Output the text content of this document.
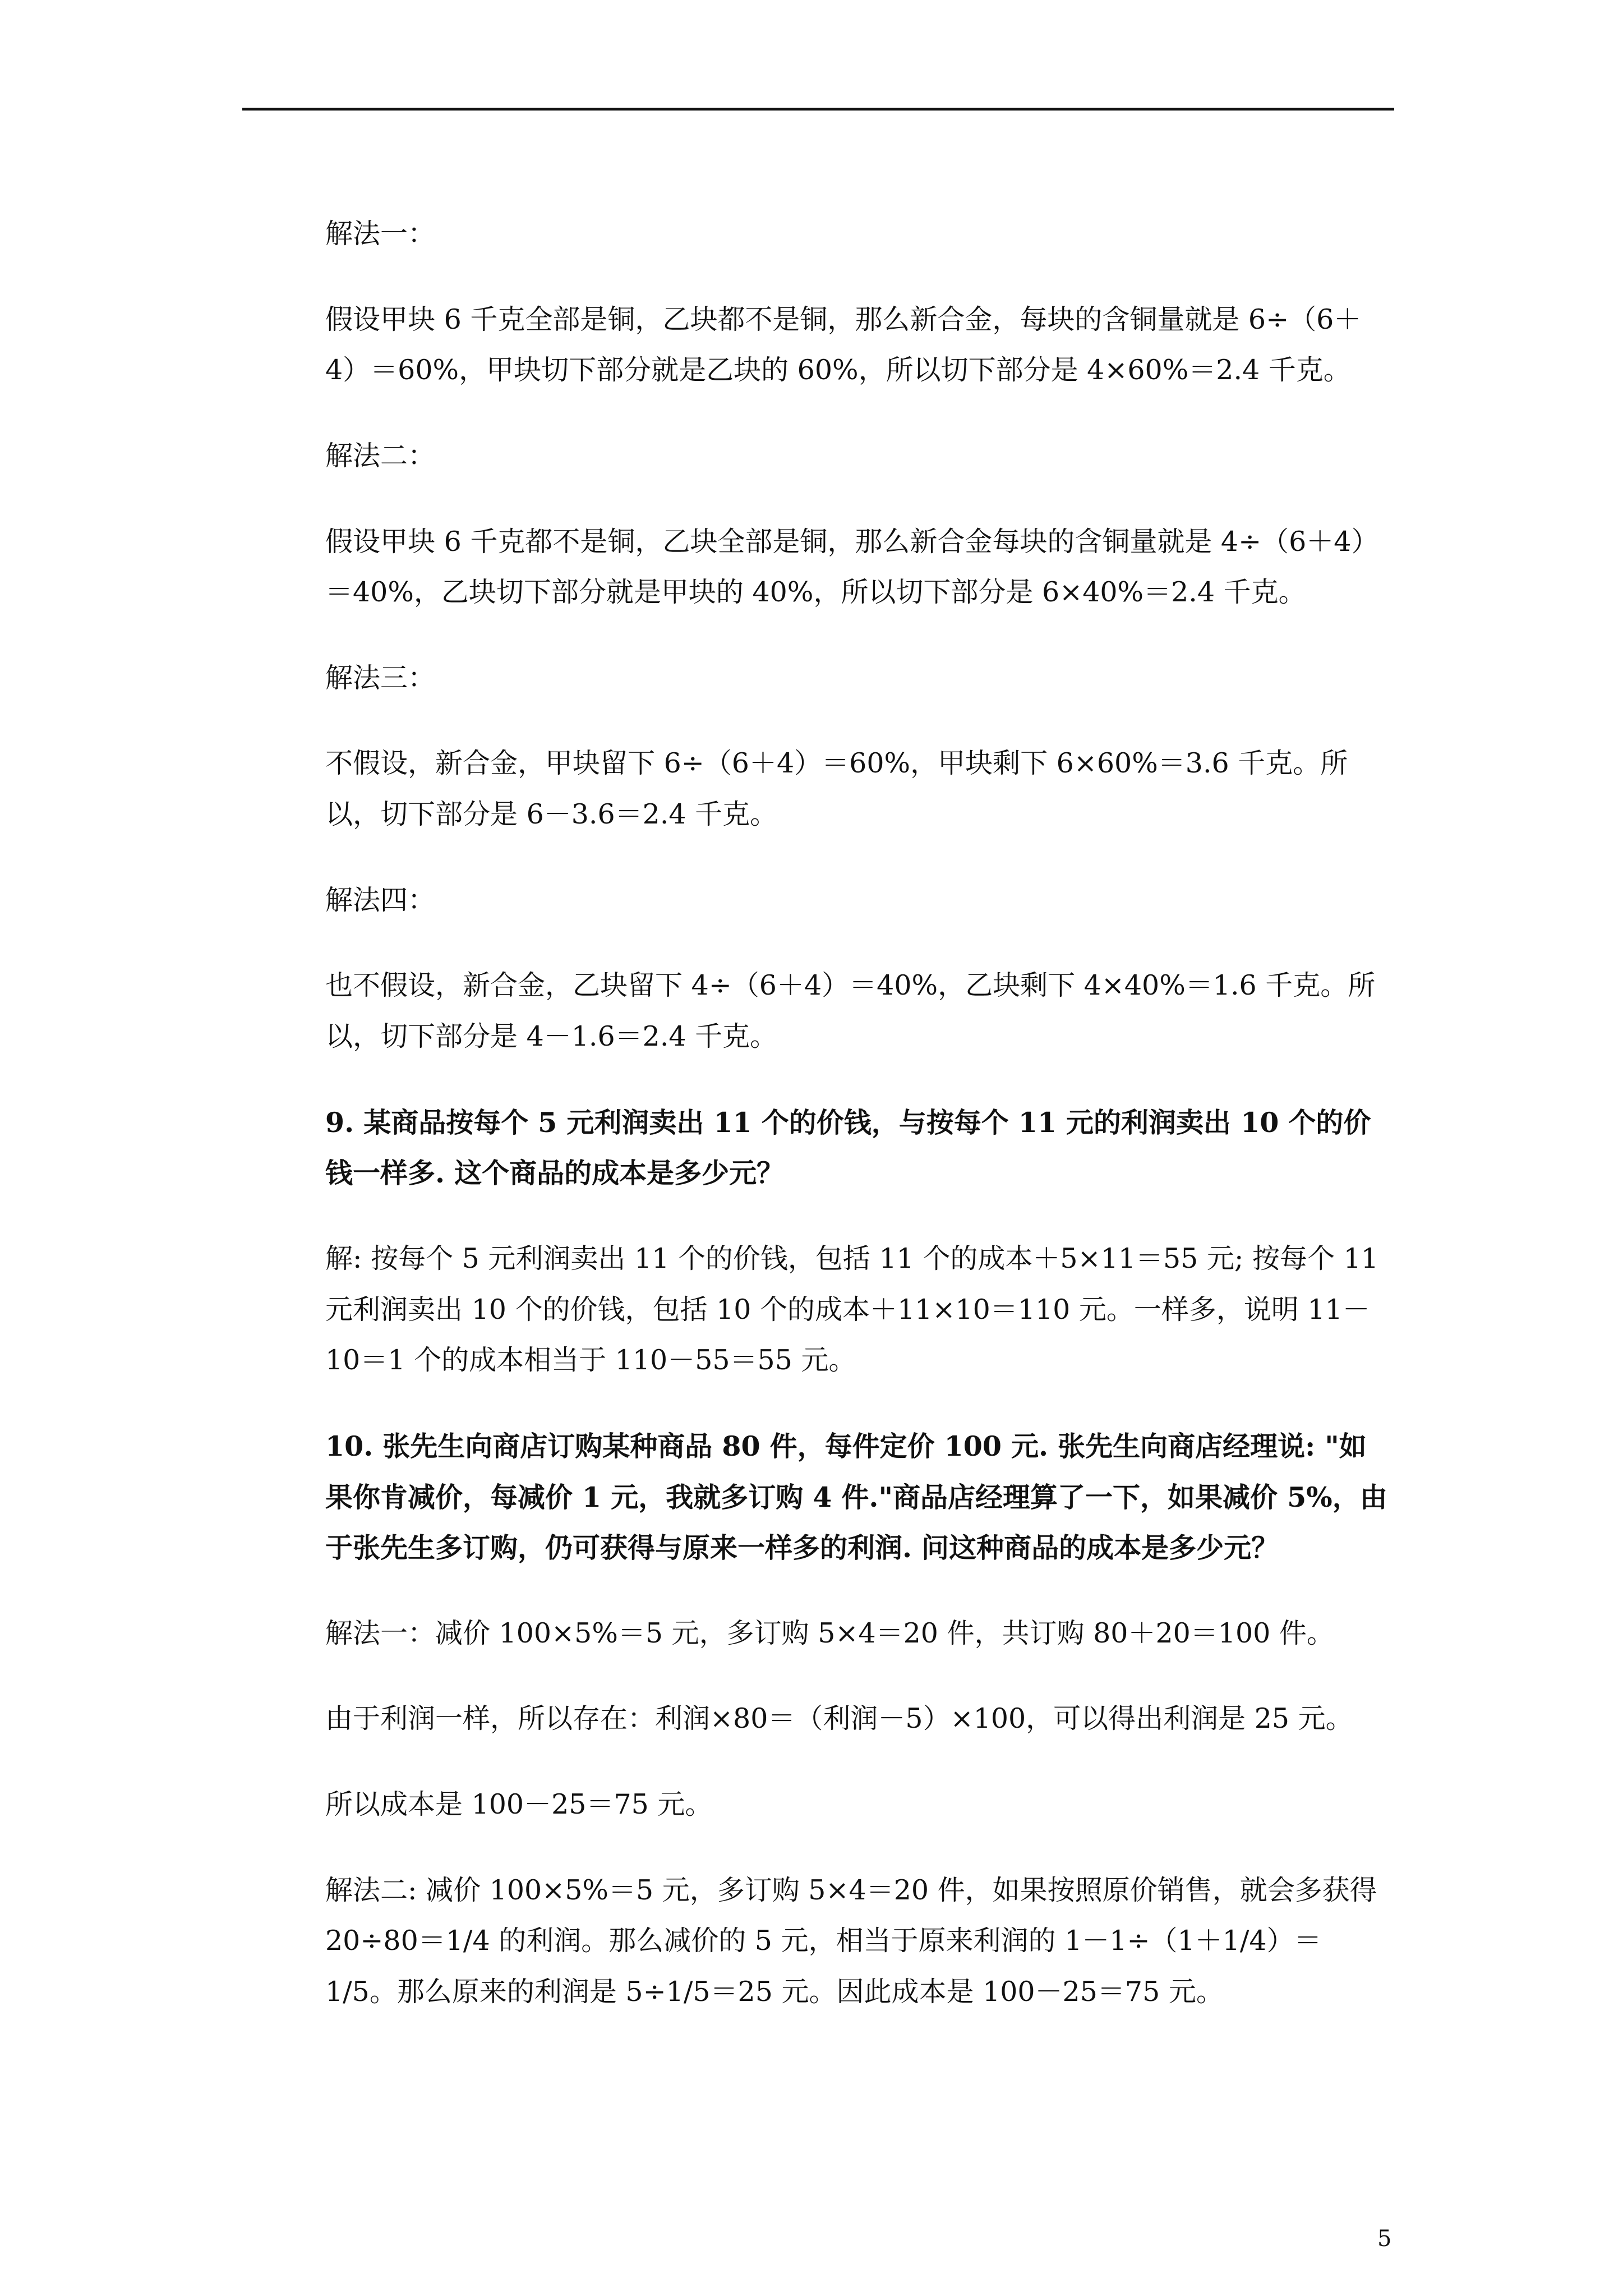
解法一：

假设甲块 6 千克全部是铜，乙块都不是铜，那么新合金，每块的含铜量就是 6÷（6＋4）＝60%，甲块切下部分就是乙块的 60%，所以切下部分是 4×60%＝2.4 千克。

解法二：

假设甲块 6 千克都不是铜，乙块全部是铜，那么新合金每块的含铜量就是 4÷（6＋4）＝40%，乙块切下部分就是甲块的 40%，所以切下部分是 6×40%＝2.4 千克。

解法三：

不假设，新合金，甲块留下 6÷（6＋4）＝60%，甲块剩下 6×60%＝3.6 千克。所以，切下部分是 6－3.6＝2.4 千克。

解法四：

也不假设，新合金，乙块留下 4÷（6＋4）＝40%，乙块剩下 4×40%＝1.6 千克。所以，切下部分是 4－1.6＝2.4 千克。

9. 某商品按每个 5 元利润卖出 11 个的价钱，与按每个 11 元的利润卖出 10 个的价钱一样多. 这个商品的成本是多少元？

解: 按每个 5 元利润卖出 11 个的价钱，包括 11 个的成本＋5×11＝55 元; 按每个 11 元利润卖出 10 个的价钱，包括 10 个的成本＋11×10＝110 元。一样多，说明 11－10＝1 个的成本相当于 110－55＝55 元。

10. 张先生向商店订购某种商品 80 件，每件定价 100 元. 张先生向商店经理说: "如果你肯减价，每减价 1 元，我就多订购 4 件."商品店经理算了一下，如果减价 5%，由于张先生多订购，仍可获得与原来一样多的利润. 问这种商品的成本是多少元？

解法一：减价 100×5%＝5 元，多订购 5×4＝20 件，共订购 80＋20＝100 件。

由于利润一样，所以存在：利润×80＝（利润－5）×100，可以得出利润是 25 元。

所以成本是 100－25＝75 元。

解法二: 减价 100×5%＝5 元，多订购 5×4＝20 件，如果按照原价销售，就会多获得 20÷80＝1/4 的利润。那么减价的 5 元，相当于原来利润的 1－1÷（1＋1/4）＝1/5。那么原来的利润是 5÷1/5＝25 元。因此成本是 100－25＝75 元。

5
